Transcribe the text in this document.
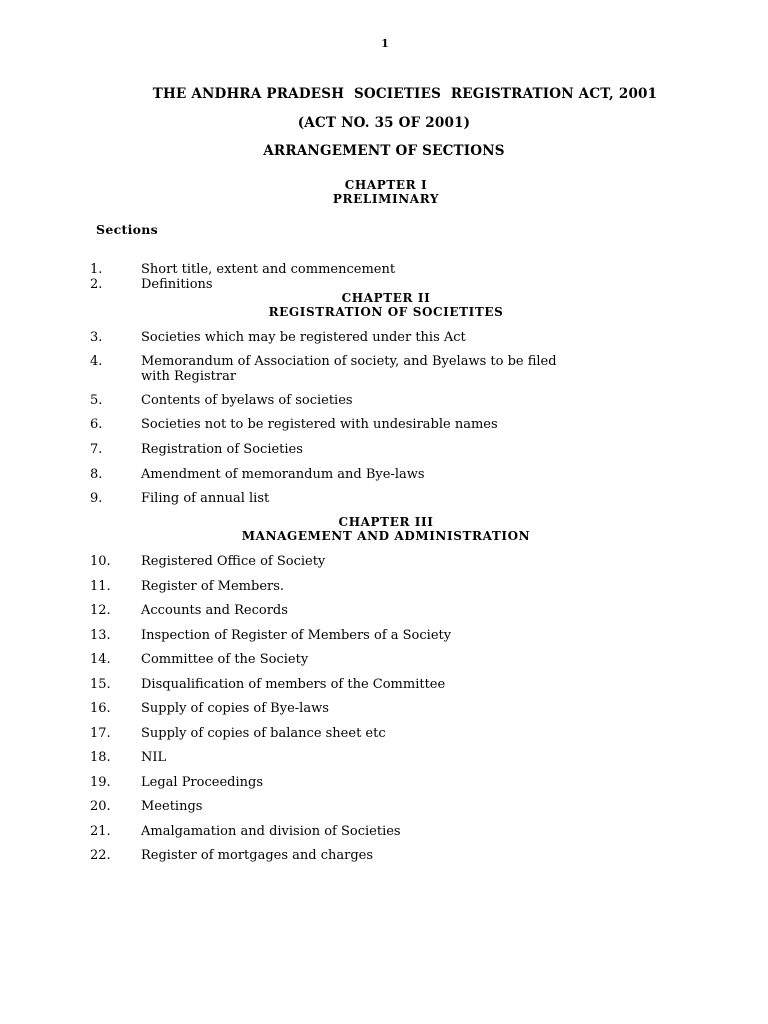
1
THE ANDHRA PRADESH  SOCIETIES  REGISTRATION ACT, 2001
(ACT NO. 35 OF 2001)
ARRANGEMENT OF SECTIONS
CHAPTER I
PRELIMINARY
Sections
1.	Short title, extent and commencement
2.	Definitions
CHAPTER II
REGISTRATION OF SOCIETITES
3.	Societies which may be registered under this Act
4.	Memorandum of Association of society, and Byelaws to be filed
with Registrar
5.	Contents of byelaws of societies
6.	Societies not to be registered with undesirable names
7.	Registration of Societies
8.	Amendment of memorandum and Bye-laws
9.	Filing of annual list
CHAPTER III
MANAGEMENT AND ADMINISTRATION
10. Registered Office of Society
11. Register of Members.
12. Accounts and Records
13. Inspection of Register of Members of a Society
14. Committee of the Society
15. Disqualification of members of the Committee
16. Supply of copies of Bye-laws
17. Supply of copies of balance sheet etc
18. NIL
19. Legal Proceedings
20. Meetings
21. Amalgamation and division of Societies
22. Register of mortgages and charges
